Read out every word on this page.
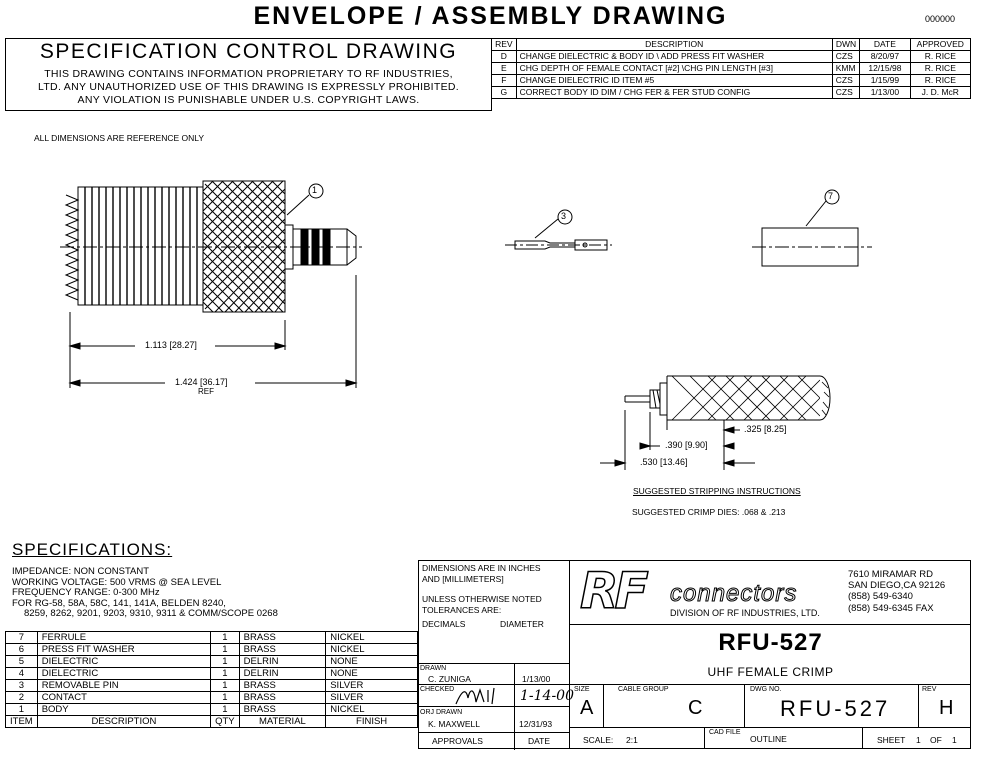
ENVELOPE / ASSEMBLY DRAWING	000000
SPECIFICATION CONTROL DRAWING
THIS DRAWING CONTAINS INFORMATION PROPRIETARY TO RF INDUSTRIES,
LTD. ANY UNAUTHORIZED USE OF THIS DRAWING IS EXPRESSLY PROHIBITED.
ANY VIOLATION IS PUNISHABLE UNDER U.S. COPYRIGHT LAWS.
REV	DESCRIPTION	DWN	DATE	APPROVED
D	CHANGE DIELECTRIC & BODY ID \ ADD PRESS FIT WASHER	CZS	8/20/97	R. RICE
E	CHG DEPTH OF FEMALE CONTACT [#2] \CHG PIN LENGTH [#3]	KMM	12/15/98	R. RICE
F	CHANGE DIELECTRIC ID ITEM #5	CZS	1/15/99	R. RICE
G	CORRECT BODY ID DIM / CHG FER & FER STUD CONFIG	CZS	1/13/00	J. D. McR
ALL DIMENSIONS ARE REFERENCE ONLY
1
3
7
1.113 [28.27]
1.424 [36.17]
REF
.325 [8.25]
.390 [9.90]
.530 [13.46]
SUGGESTED STRIPPING INSTRUCTIONS
SUGGESTED CRIMP DIES: .068 & .213
SPECIFICATIONS:
IMPEDANCE: NON CONSTANT
WORKING VOLTAGE: 500 VRMS @ SEA LEVEL
FREQUENCY RANGE: 0-300 MHz
FOR RG-58, 58A, 58C, 141, 141A, BELDEN 8240,
8259, 8262, 9201, 9203, 9310, 9311 & COMM/SCOPE 0268
7	FERRULE	1	BRASS	NICKEL
6	PRESS FIT WASHER	1	BRASS	NICKEL
5	DIELECTRIC	1	DELRIN	NONE
4	DIELECTRIC	1	DELRIN	NONE
3	REMOVABLE PIN	1	BRASS	SILVER
2	CONTACT	1	BRASS	SILVER
1	BODY	1	BRASS	NICKEL
ITEM	DESCRIPTION	QTY	MATERIAL	FINISH
DIMENSIONS ARE IN INCHES
AND [MILLIMETERS]
UNLESS OTHERWISE NOTED
TOLERANCES ARE:
DECIMALS	DIAMETER
DRAWN
C. ZUNIGA	1/13/00
CHECKED	1-14-00
ORJ DRAWN
K. MAXWELL	12/31/93
APPROVALS	DATE
RF connectors
DIVISION OF RF INDUSTRIES, LTD.
7610 MIRAMAR RD
SAN DIEGO,CA 92126
(858) 549-6340
(858) 549-6345 FAX
RFU-527
UHF FEMALE CRIMP
SIZE
A
CABLE GROUP
C
DWG NO.
RFU-527
REV
H
SCALE: 2:1
CAD FILE
OUTLINE	SHEET 1 OF 1
